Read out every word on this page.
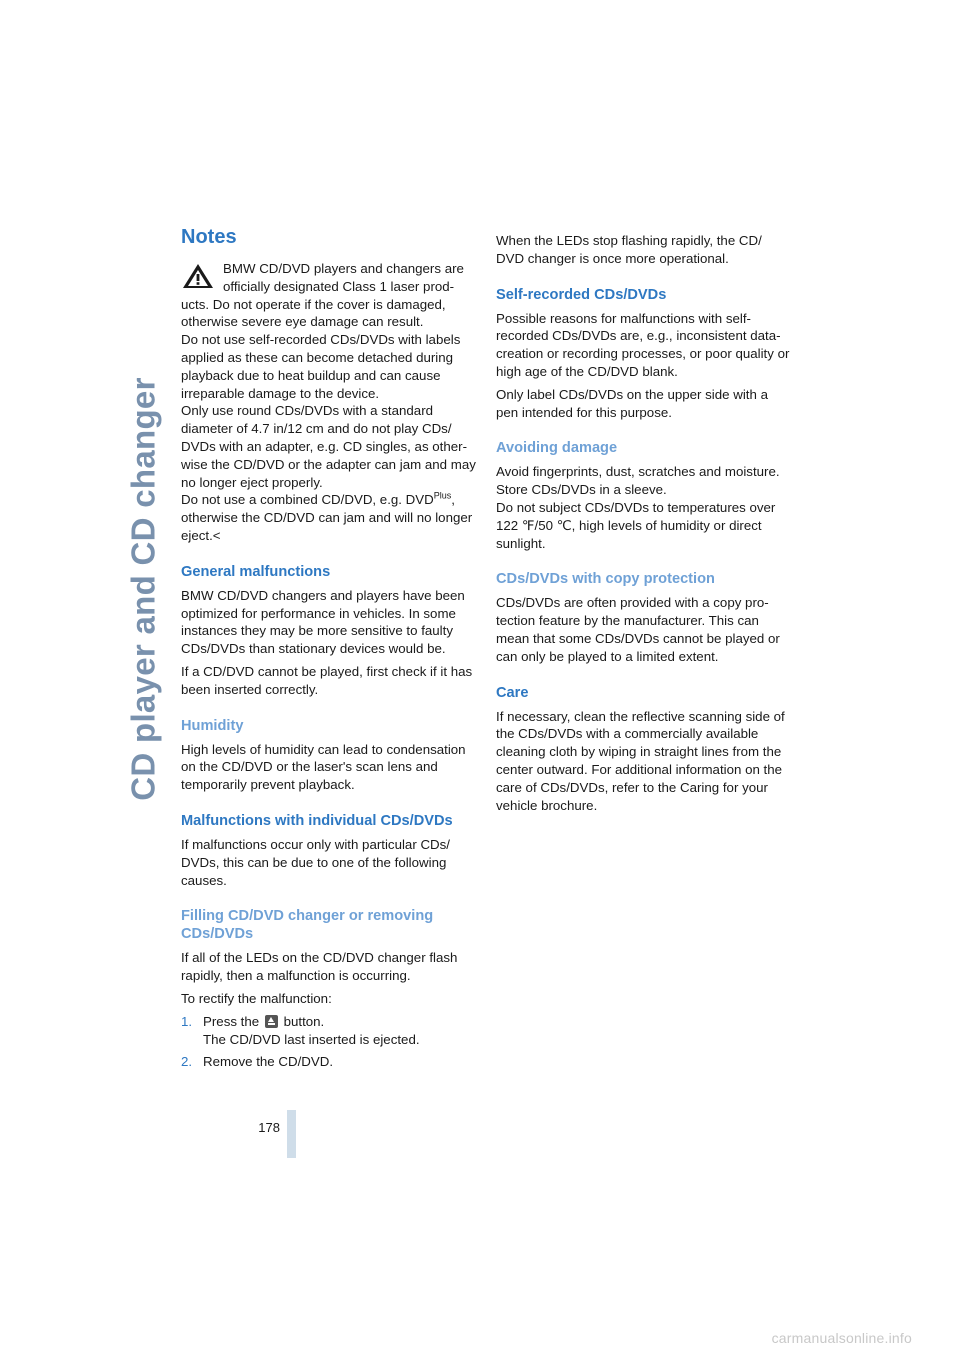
CD player and CD changer
Notes

BMW CD/DVD players and changers are officially designated Class 1 laser products. Do not operate if the cover is damaged, otherwise severe eye damage can result.

Do not use self-recorded CDs/DVDs with labels applied as these can become detached during playback due to heat buildup and can cause irreparable damage to the device.

Only use round CDs/DVDs with a standard diameter of 4.7 in/12 cm and do not play CDs/ DVDs with an adapter, e.g. CD singles, as otherwise the CD/DVD or the adapter can jam and may no longer eject properly.

Do not use a combined CD/DVD, e.g. $DVD^{Plus}$, otherwise the CD/DVD can jam and will no longer eject.<

General malfunctions

BMW CD/DVD changers and players have been optimized for performance in vehicles. In some instances they may be more sensitive to faulty CDs/DVDs than stationary devices would be.

If a CD/DVD cannot be played, first check if it has been inserted correctly.

Humidity

High levels of humidity can lead to condensation on the CD/DVD or the laser's scan lens and temporarily prevent playback.

Malfunctions with individual CDs/DVDs

If malfunctions occur only with particular CDs/ DVDs, this can be due to one of the following causes.

Filling CD/DVD changer or removing CDs/DVDs

If all of the LEDs on the CD/DVD changer flash rapidly, then a malfunction is occurring.

To rectify the malfunction:

1. Press the button.
The CD/DVD last inserted is ejected.
2. Remove the CD/DVD.

When the LEDs stop flashing rapidly, the CD/ DVD changer is once more operational.

Self-recorded CDs/DVDs

Possible reasons for malfunctions with self-recorded CDs/DVDs are, e.g., inconsistent data-creation or recording processes, or poor quality or high age of the CD/DVD blank.

Only label CDs/DVDs on the upper side with a pen intended for this purpose.

Avoiding damage

Avoid fingerprints, dust, scratches and moisture.
Store CDs/DVDs in a sleeve.
Do not subject CDs/DVDs to temperatures over 122 ℉/50 ℃, high levels of humidity or direct sunlight.

CDs/DVDs with copy protection

CDs/DVDs are often provided with a copy protection feature by the manufacturer. This can mean that some CDs/DVDs cannot be played or can only be played to a limited extent.

Care

If necessary, clean the reflective scanning side of the CDs/DVDs with a commercially available cleaning cloth by wiping in straight lines from the center outward. For additional information on the care of CDs/DVDs, refer to the Caring for your vehicle brochure.

178
carmanualsonline.info
